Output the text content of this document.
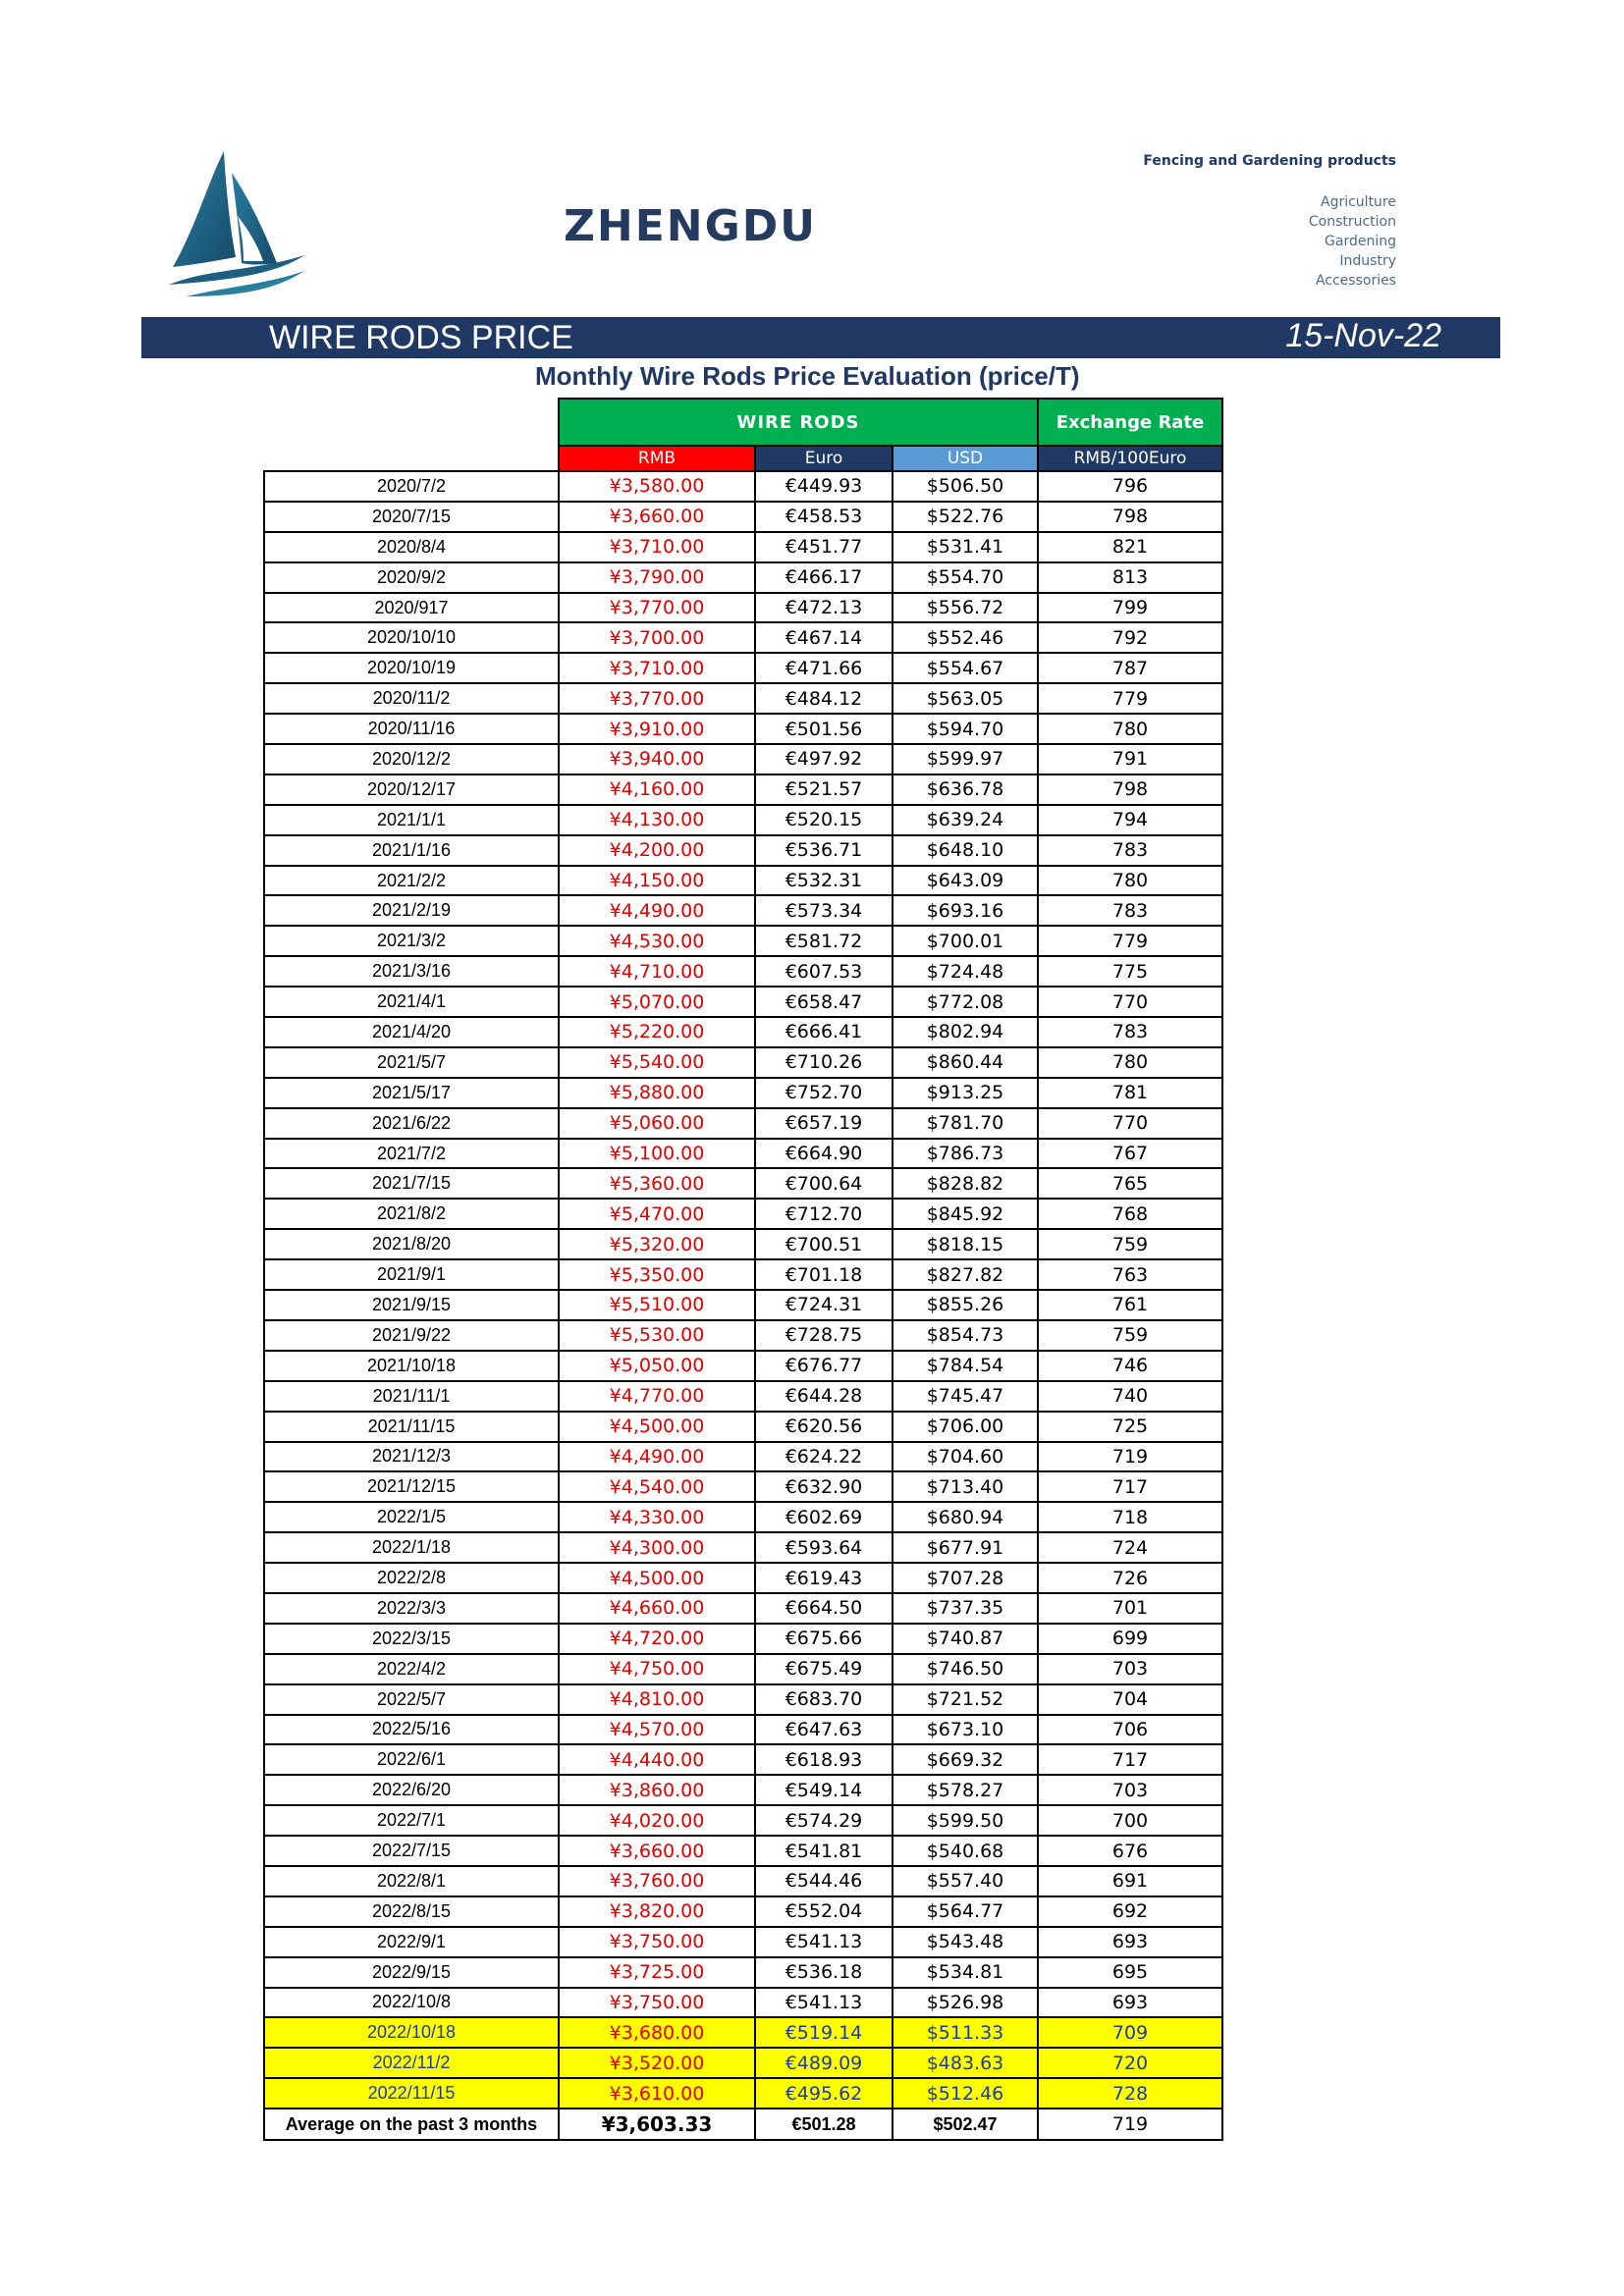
ZHENGDU
Fencing and Gardening products
Agriculture
Construction
Gardening
Industry
Accessories
WIRE RODS PRICE	15-Nov-22
Monthly Wire Rods Price Evaluation (price/T)
	WIRE RODS			Exchange Rate
	RMB	Euro	USD	RMB/100Euro
2020/7/2	¥3,580.00	€449.93	$506.50	796
2020/7/15	¥3,660.00	€458.53	$522.76	798
2020/8/4	¥3,710.00	€451.77	$531.41	821
2020/9/2	¥3,790.00	€466.17	$554.70	813
2020/917	¥3,770.00	€472.13	$556.72	799
2020/10/10	¥3,700.00	€467.14	$552.46	792
2020/10/19	¥3,710.00	€471.66	$554.67	787
2020/11/2	¥3,770.00	€484.12	$563.05	779
2020/11/16	¥3,910.00	€501.56	$594.70	780
2020/12/2	¥3,940.00	€497.92	$599.97	791
2020/12/17	¥4,160.00	€521.57	$636.78	798
2021/1/1	¥4,130.00	€520.15	$639.24	794
2021/1/16	¥4,200.00	€536.71	$648.10	783
2021/2/2	¥4,150.00	€532.31	$643.09	780
2021/2/19	¥4,490.00	€573.34	$693.16	783
2021/3/2	¥4,530.00	€581.72	$700.01	779
2021/3/16	¥4,710.00	€607.53	$724.48	775
2021/4/1	¥5,070.00	€658.47	$772.08	770
2021/4/20	¥5,220.00	€666.41	$802.94	783
2021/5/7	¥5,540.00	€710.26	$860.44	780
2021/5/17	¥5,880.00	€752.70	$913.25	781
2021/6/22	¥5,060.00	€657.19	$781.70	770
2021/7/2	¥5,100.00	€664.90	$786.73	767
2021/7/15	¥5,360.00	€700.64	$828.82	765
2021/8/2	¥5,470.00	€712.70	$845.92	768
2021/8/20	¥5,320.00	€700.51	$818.15	759
2021/9/1	¥5,350.00	€701.18	$827.82	763
2021/9/15	¥5,510.00	€724.31	$855.26	761
2021/9/22	¥5,530.00	€728.75	$854.73	759
2021/10/18	¥5,050.00	€676.77	$784.54	746
2021/11/1	¥4,770.00	€644.28	$745.47	740
2021/11/15	¥4,500.00	€620.56	$706.00	725
2021/12/3	¥4,490.00	€624.22	$704.60	719
2021/12/15	¥4,540.00	€632.90	$713.40	717
2022/1/5	¥4,330.00	€602.69	$680.94	718
2022/1/18	¥4,300.00	€593.64	$677.91	724
2022/2/8	¥4,500.00	€619.43	$707.28	726
2022/3/3	¥4,660.00	€664.50	$737.35	701
2022/3/15	¥4,720.00	€675.66	$740.87	699
2022/4/2	¥4,750.00	€675.49	$746.50	703
2022/5/7	¥4,810.00	€683.70	$721.52	704
2022/5/16	¥4,570.00	€647.63	$673.10	706
2022/6/1	¥4,440.00	€618.93	$669.32	717
2022/6/20	¥3,860.00	€549.14	$578.27	703
2022/7/1	¥4,020.00	€574.29	$599.50	700
2022/7/15	¥3,660.00	€541.81	$540.68	676
2022/8/1	¥3,760.00	€544.46	$557.40	691
2022/8/15	¥3,820.00	€552.04	$564.77	692
2022/9/1	¥3,750.00	€541.13	$543.48	693
2022/9/15	¥3,725.00	€536.18	$534.81	695
2022/10/8	¥3,750.00	€541.13	$526.98	693
2022/10/18	¥3,680.00	€519.14	$511.33	709
2022/11/2	¥3,520.00	€489.09	$483.63	720
2022/11/15	¥3,610.00	€495.62	$512.46	728
Average on the past 3 months	¥3,603.33	€501.28	$502.47	719
